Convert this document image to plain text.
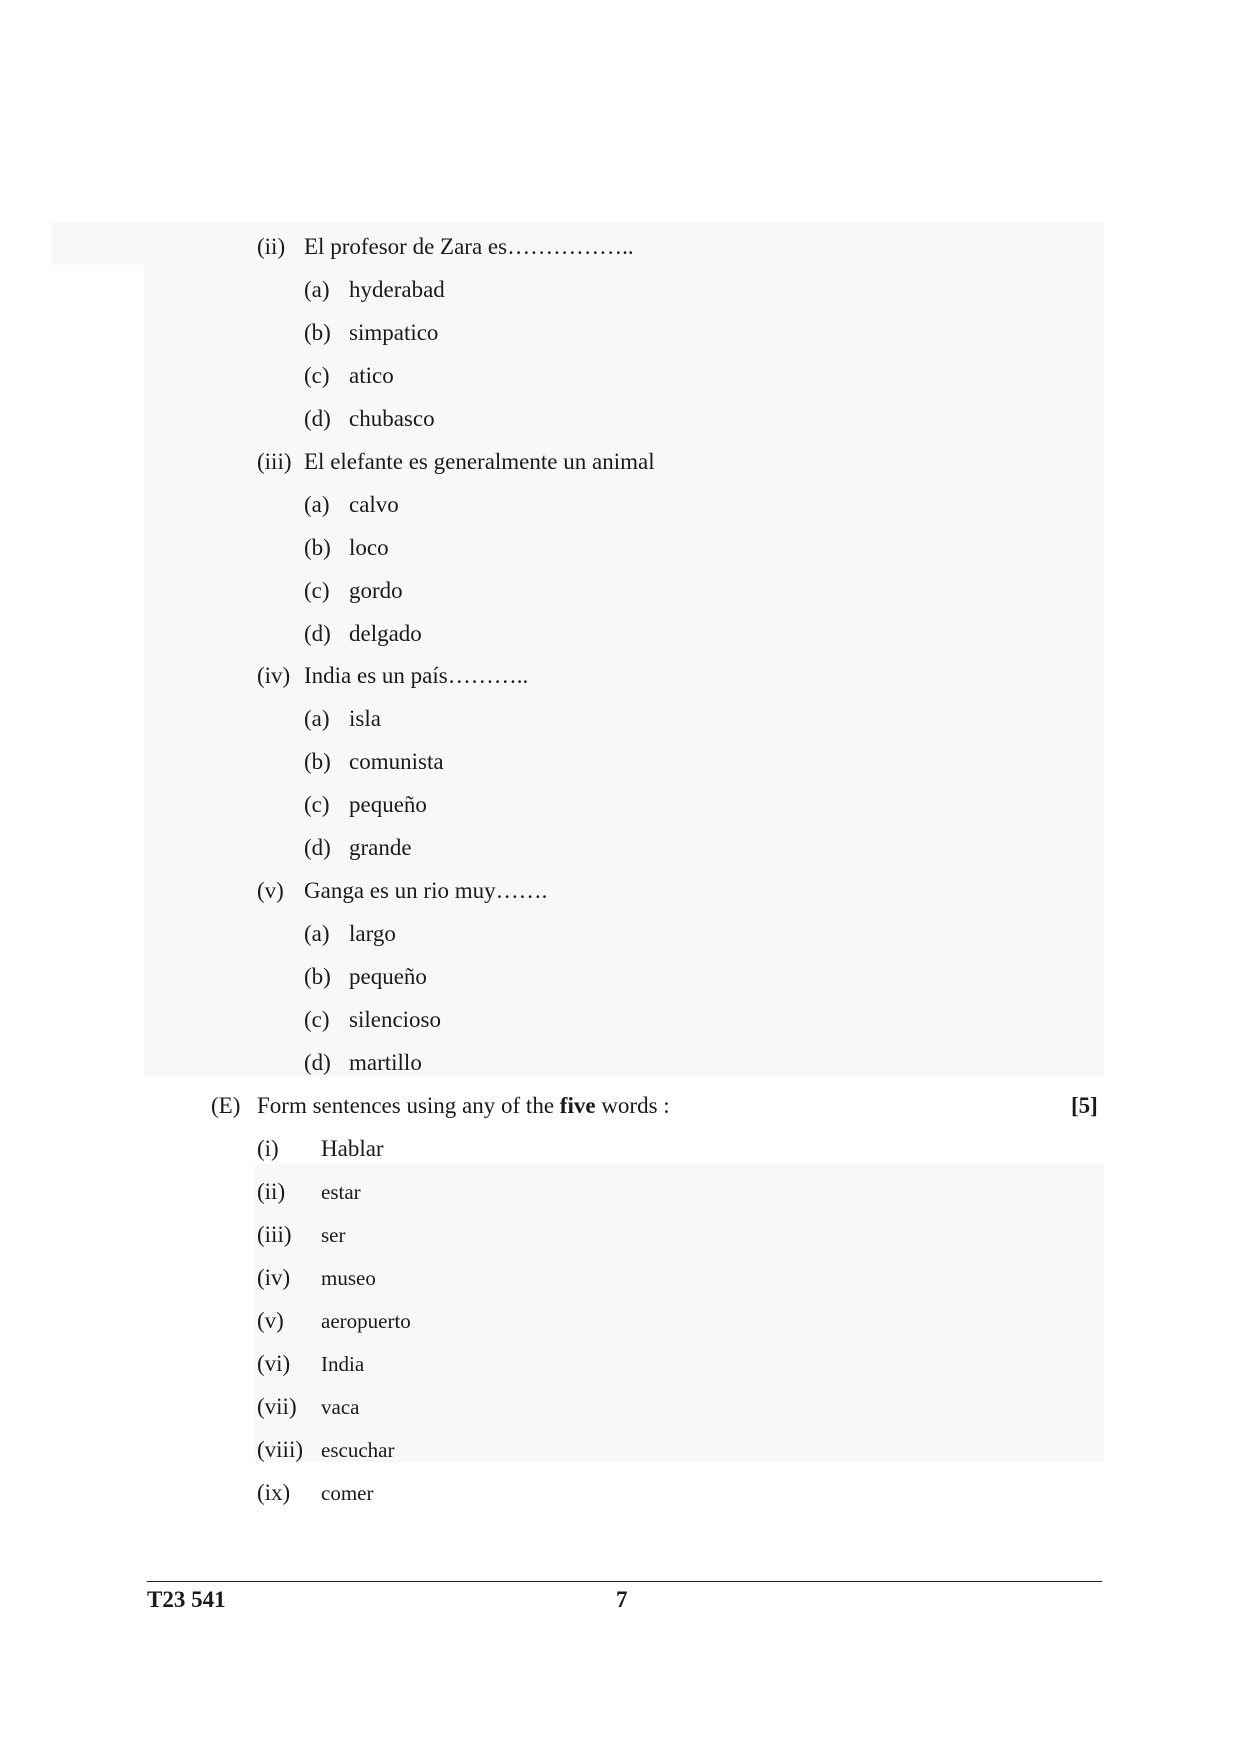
(ii) El profesor de Zara es……………..
(a) hyderabad
(b) simpatico
(c) atico
(d) chubasco
(iii) El elefante es generalmente un animal
(a) calvo
(b) loco
(c) gordo
(d) delgado
(iv) India es un país………..
(a) isla
(b) comunista
(c) pequeño
(d) grande
(v) Ganga es un rio muy…….
(a) largo
(b) pequeño
(c) silencioso
(d) martillo
(E) Form sentences using any of the five words :	[5]
(i) Hablar
(ii) estar
(iii) ser
(iv) museo
(v) aeropuerto
(vi) India
(vii) vaca
(viii) escuchar
(ix) comer
T23 541	7
